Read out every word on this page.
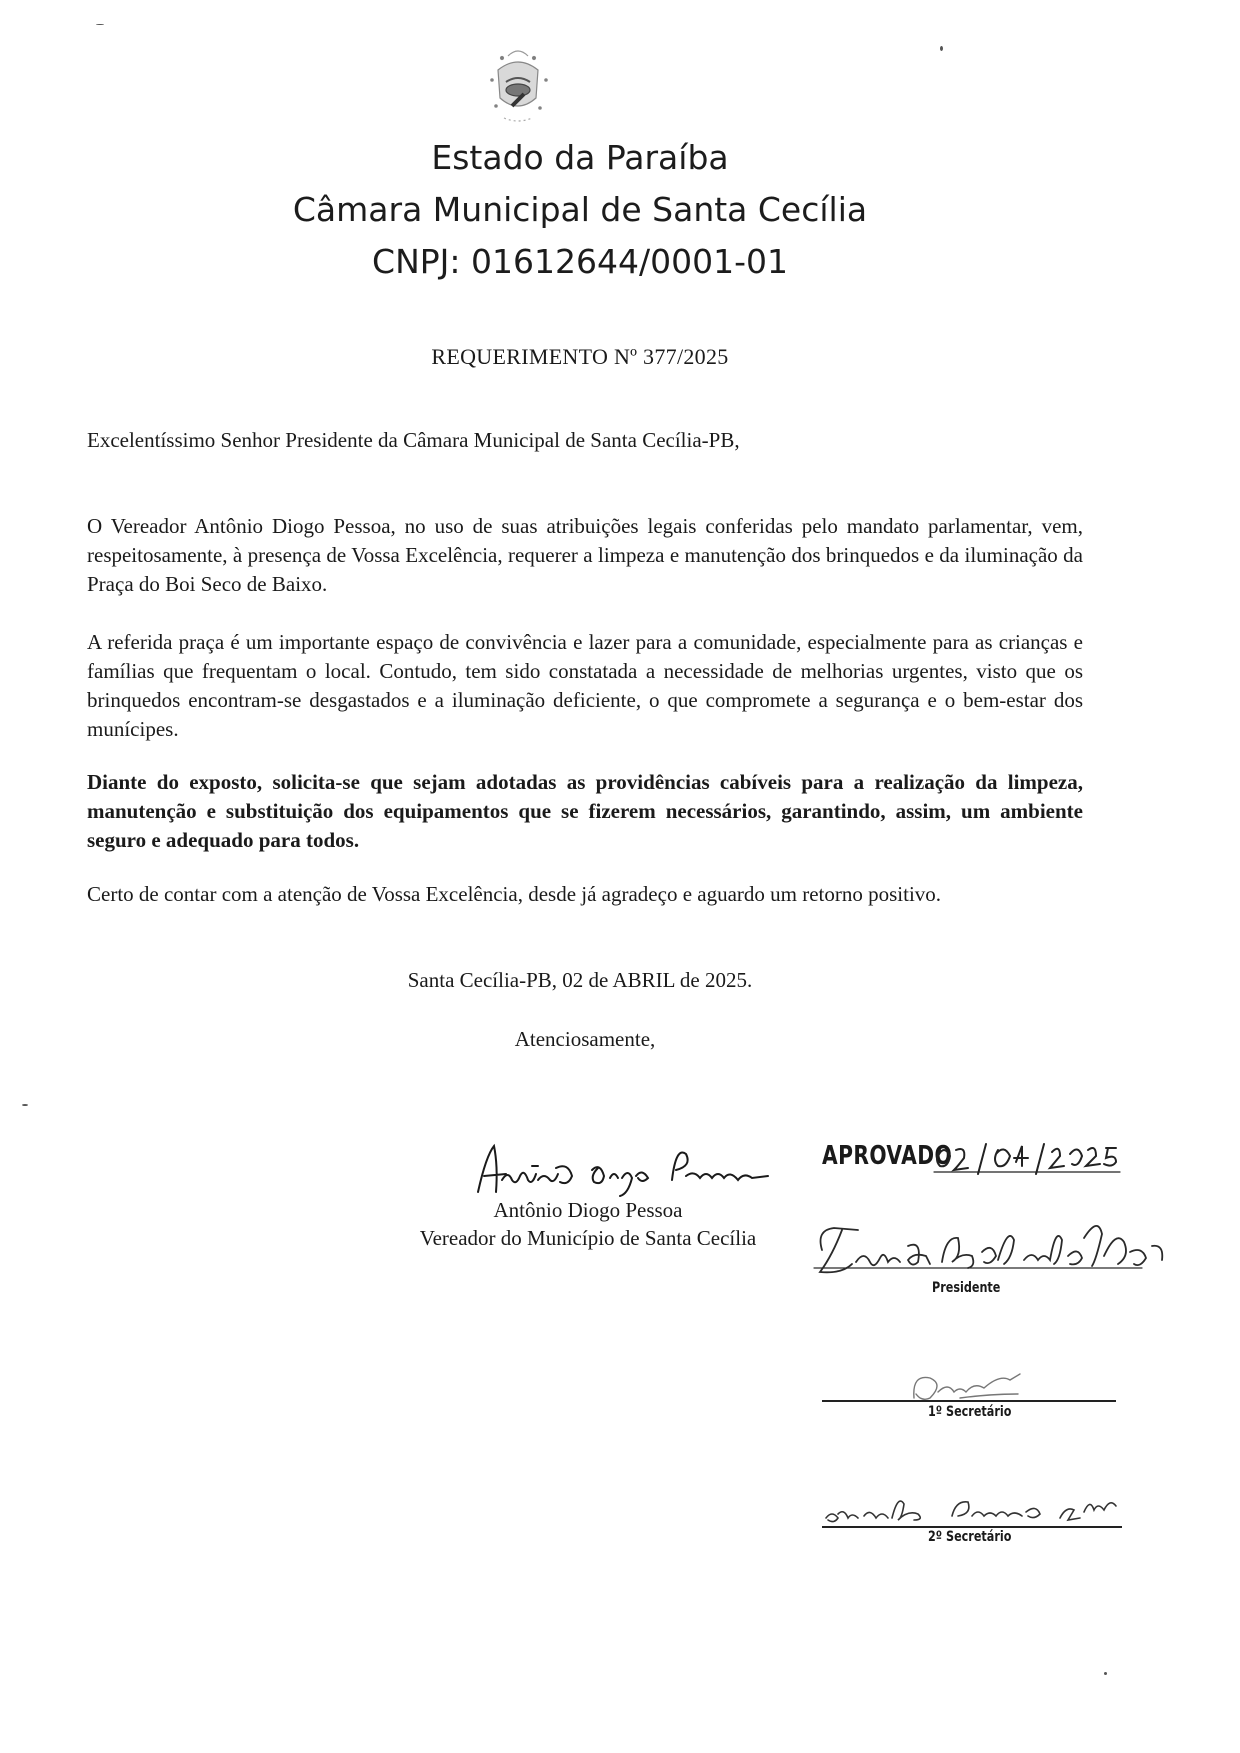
Estado da Paraíba
Câmara Municipal de Santa Cecília
CNPJ: 01612644/0001-01
REQUERIMENTO Nº 377/2025
Excelentíssimo Senhor Presidente da Câmara Municipal de Santa Cecília-PB,

O Vereador Antônio Diogo Pessoa, no uso de suas atribuições legais conferidas pelo mandato parlamentar, vem, respeitosamente, à presença de Vossa Excelência, requerer a limpeza e manutenção dos brinquedos e da iluminação da Praça do Boi Seco de Baixo.

A referida praça é um importante espaço de convivência e lazer para a comunidade, especialmente para as crianças e famílias que frequentam o local. Contudo, tem sido constatada a necessidade de melhorias urgentes, visto que os brinquedos encontram-se desgastados e a iluminação deficiente, o que compromete a segurança e o bem-estar dos munícipes.

Diante do exposto, solicita-se que sejam adotadas as providências cabíveis para a realização da limpeza, manutenção e substituição dos equipamentos que se fizerem necessários, garantindo, assim, um ambiente seguro e adequado para todos.

Certo de contar com a atenção de Vossa Excelência, desde já agradeço e aguardo um retorno positivo.

Santa Cecília-PB, 02 de ABRIL de 2025.
Atenciosamente,
Antônio Diogo Pessoa
Vereador do Município de Santa Cecília
APROVADO
Presidente
1º Secretário
2º Secretário
